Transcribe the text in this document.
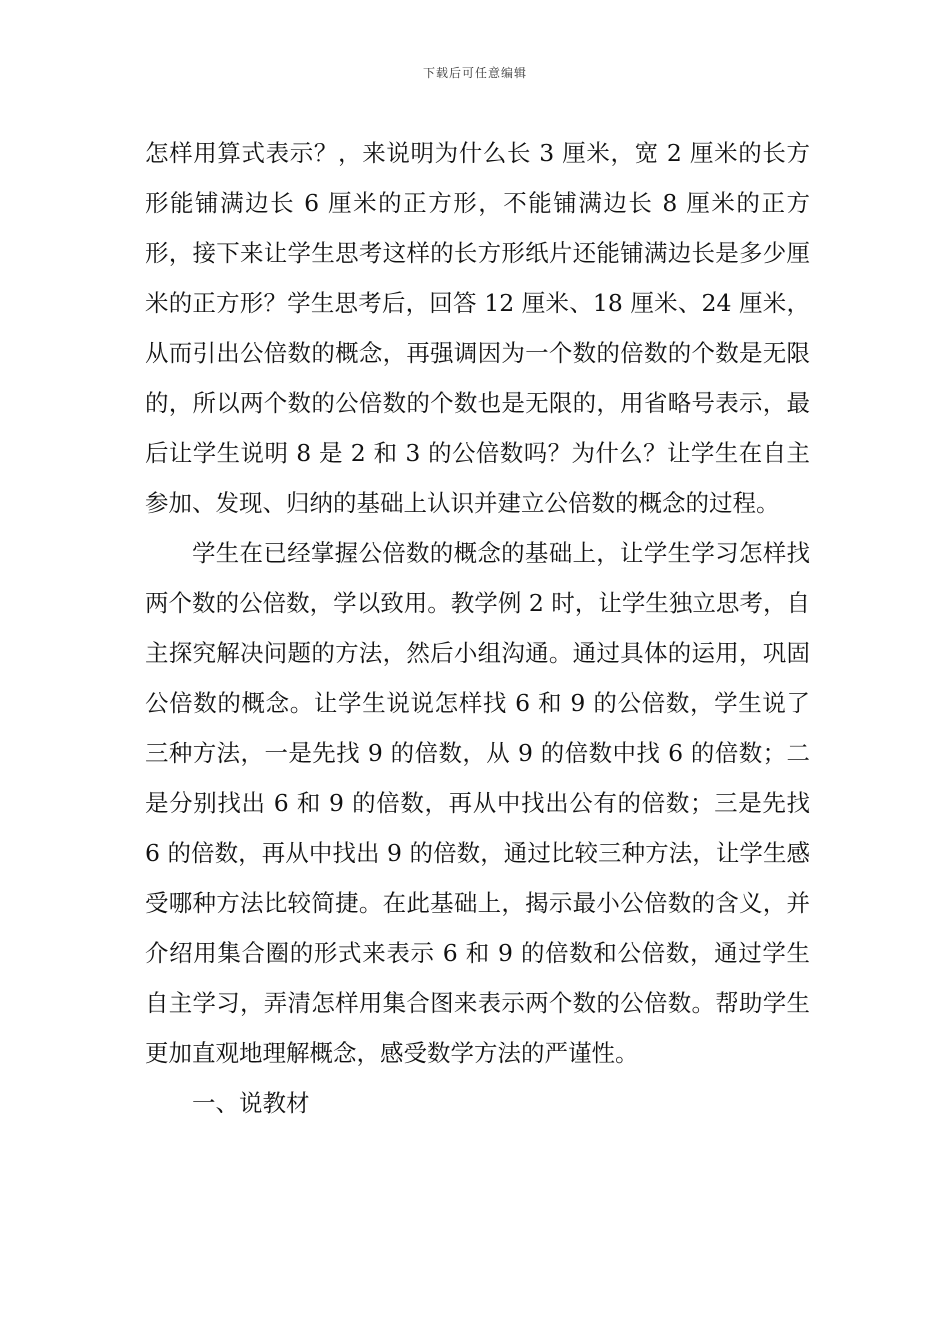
下载后可任意编辑

怎样用算式表示？，来说明为什么长 3 厘米，宽 2 厘米的长方形能铺满边长 6 厘米的正方形，不能铺满边长 8 厘米的正方形，接下来让学生思考这样的长方形纸片还能铺满边长是多少厘米的正方形？学生思考后，回答 12 厘米、18 厘米、24 厘米，从而引出公倍数的概念，再强调因为一个数的倍数的个数是无限的，所以两个数的公倍数的个数也是无限的，用省略号表示，最后让学生说明 8 是 2 和 3 的公倍数吗？为什么？让学生在自主参加、发现、归纳的基础上认识并建立公倍数的概念的过程。

学生在已经掌握公倍数的概念的基础上，让学生学习怎样找两个数的公倍数，学以致用。教学例 2 时，让学生独立思考，自主探究解决问题的方法，然后小组沟通。通过具体的运用，巩固公倍数的概念。让学生说说怎样找 6 和 9 的公倍数，学生说了三种方法，一是先找 9 的倍数，从 9 的倍数中找 6 的倍数；二是分别找出 6 和 9 的倍数，再从中找出公有的倍数；三是先找 6 的倍数，再从中找出 9 的倍数，通过比较三种方法，让学生感受哪种方法比较简捷。在此基础上，揭示最小公倍数的含义，并介绍用集合圈的形式来表示 6 和 9 的倍数和公倍数，通过学生自主学习，弄清怎样用集合图来表示两个数的公倍数。帮助学生更加直观地理解概念，感受数学方法的严谨性。

一、说教材
